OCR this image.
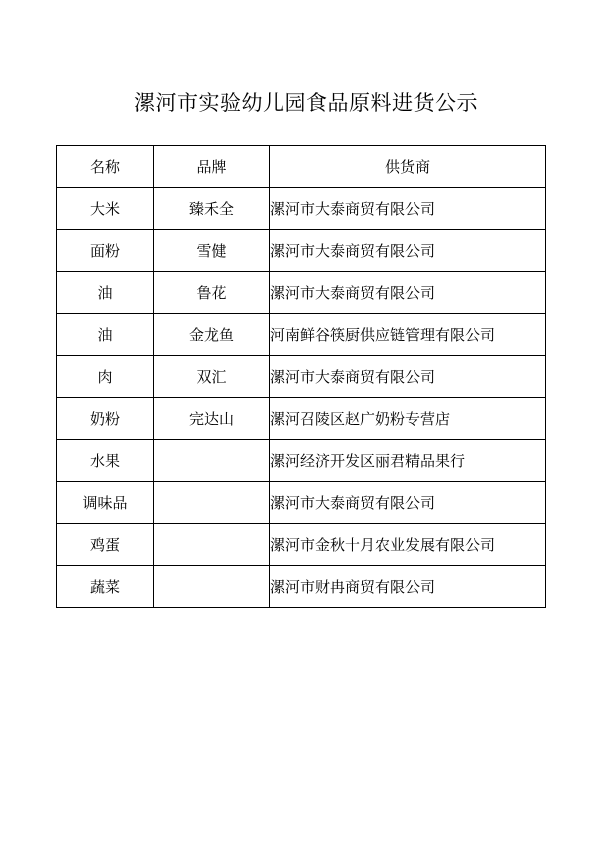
漯河市实验幼儿园食品原料进货公示
名称	品牌	供货商
大米	臻禾全	漯河市大泰商贸有限公司
面粉	雪健	漯河市大泰商贸有限公司
油	鲁花	漯河市大泰商贸有限公司
油	金龙鱼	河南鲜谷筷厨供应链管理有限公司
肉	双汇	漯河市大泰商贸有限公司
奶粉	完达山	漯河召陵区赵广奶粉专营店
水果		漯河经济开发区丽君精品果行
调味品		漯河市大泰商贸有限公司
鸡蛋		漯河市金秋十月农业发展有限公司
蔬菜		漯河市财冉商贸有限公司
